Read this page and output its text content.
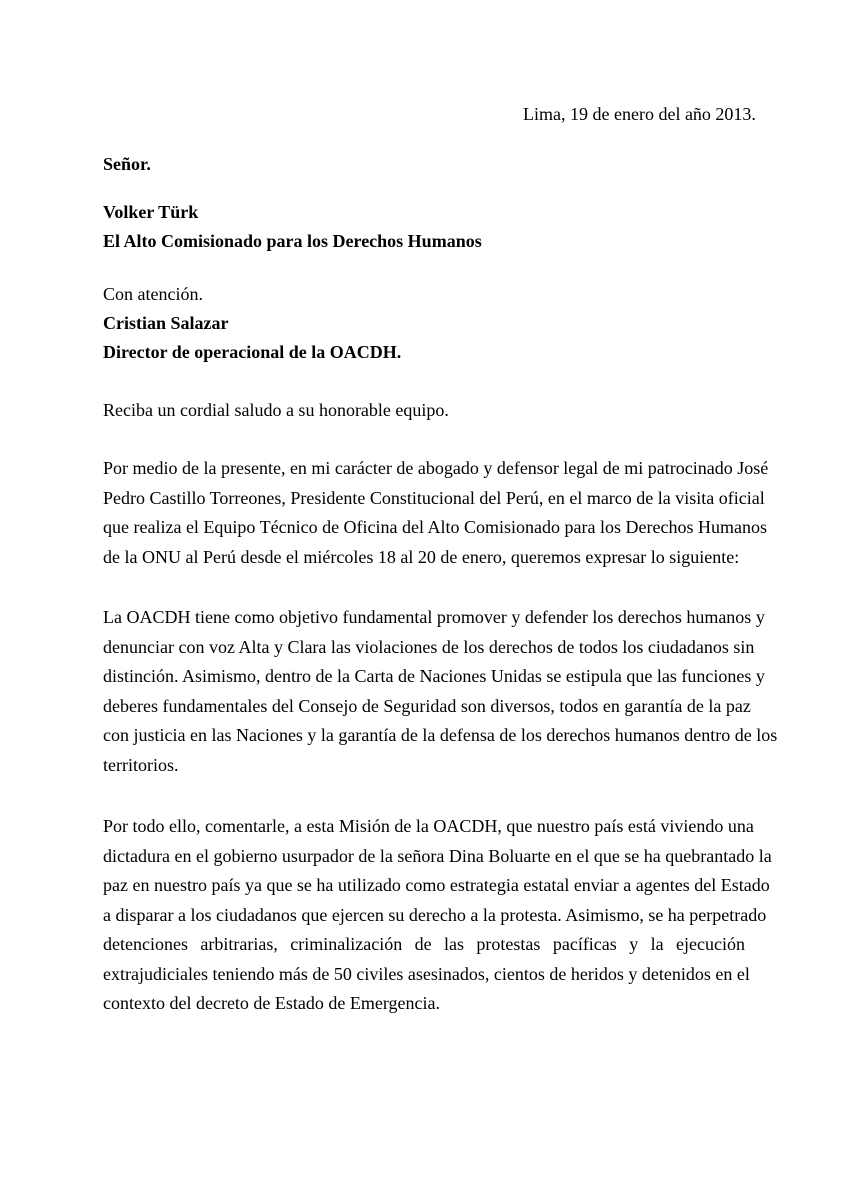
Lima, 19 de enero del año 2013.
Señor.
Volker Türk
El Alto Comisionado para los Derechos Humanos
Con atención.
Cristian Salazar
Director de operacional de la OACDH.
Reciba un cordial saludo a su honorable equipo.
Por medio de la presente, en mi carácter de abogado y defensor legal de mi patrocinado José
Pedro Castillo Torreones, Presidente Constitucional del Perú, en el marco de la visita oficial
que realiza el Equipo Técnico de Oficina del Alto Comisionado para los Derechos Humanos
de la ONU al Perú desde el miércoles 18 al 20 de enero, queremos expresar lo siguiente:
La OACDH tiene como objetivo fundamental promover y defender los derechos humanos y
denunciar con voz Alta y Clara las violaciones de los derechos de todos los ciudadanos sin
distinción. Asimismo, dentro de la Carta de Naciones Unidas se estipula que las funciones y
deberes fundamentales del Consejo de Seguridad son diversos, todos en garantía de la paz
con justicia en las Naciones y la garantía de la defensa de los derechos humanos dentro de los
territorios.
Por todo ello, comentarle, a esta Misión de la OACDH, que nuestro país está viviendo una
dictadura en el gobierno usurpador de la señora Dina Boluarte en el que se ha quebrantado la
paz en nuestro país ya que se ha utilizado como estrategia estatal enviar a agentes del Estado
a disparar a los ciudadanos que ejercen su derecho a la protesta. Asimismo, se ha perpetrado
detenciones arbitrarias, criminalización de las protestas pacíficas y la ejecución
extrajudiciales teniendo más de 50 civiles asesinados, cientos de heridos y detenidos en el
contexto del decreto de Estado de Emergencia.
